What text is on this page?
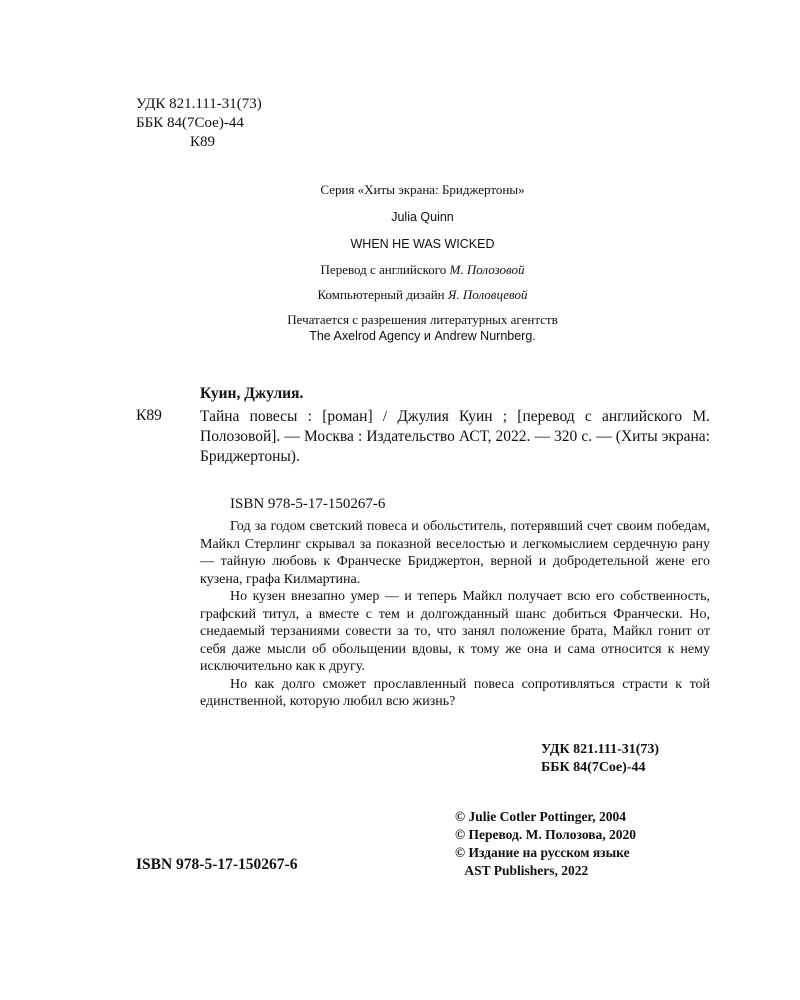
УДК 821.111-31(73)
ББК 84(7Сое)-44
К89
Серия «Хиты экрана: Бриджертоны»
Julia Quinn
WHEN HE WAS WICKED
Перевод с английского М. Полозовой
Компьютерный дизайн Я. Половцевой
Печатается с разрешения литературных агентств
The Axelrod Agency и Andrew Nurnberg.
Куин, Джулия.
К89 Тайна повесы : [роман] / Джулия Куин ; [перевод с английского М. Полозовой]. — Москва : Издательство АСТ, 2022. — 320 с. — (Хиты экрана: Бриджертоны).
ISBN 978-5-17-150267-6

Год за годом светский повеса и обольститель, потерявший счет своим победам, Майкл Стерлинг скрывал за показной веселостью и легкомыслием сердечную рану — тайную любовь к Франческе Бриджертон, верной и добродетельной жене его кузена, графа Килмартина.

Но кузен внезапно умер — и теперь Майкл получает всю его собственность, графский титул, а вместе с тем и долгожданный шанс добиться Франчески. Но, снедаемый терзаниями совести за то, что занял положение брата, Майкл гонит от себя даже мысли об обольщении вдовы, к тому же она и сама относится к нему исключительно как к другу.

Но как долго сможет прославленный повеса сопротивляться страсти к той единственной, которую любил всю жизнь?

УДК 821.111-31(73)
ББК 84(7Сое)-44
© Julie Cotler Pottinger, 2004
© Перевод. М. Полозова, 2020
© Издание на русском языке
AST Publishers, 2022
ISBN 978-5-17-150267-6
